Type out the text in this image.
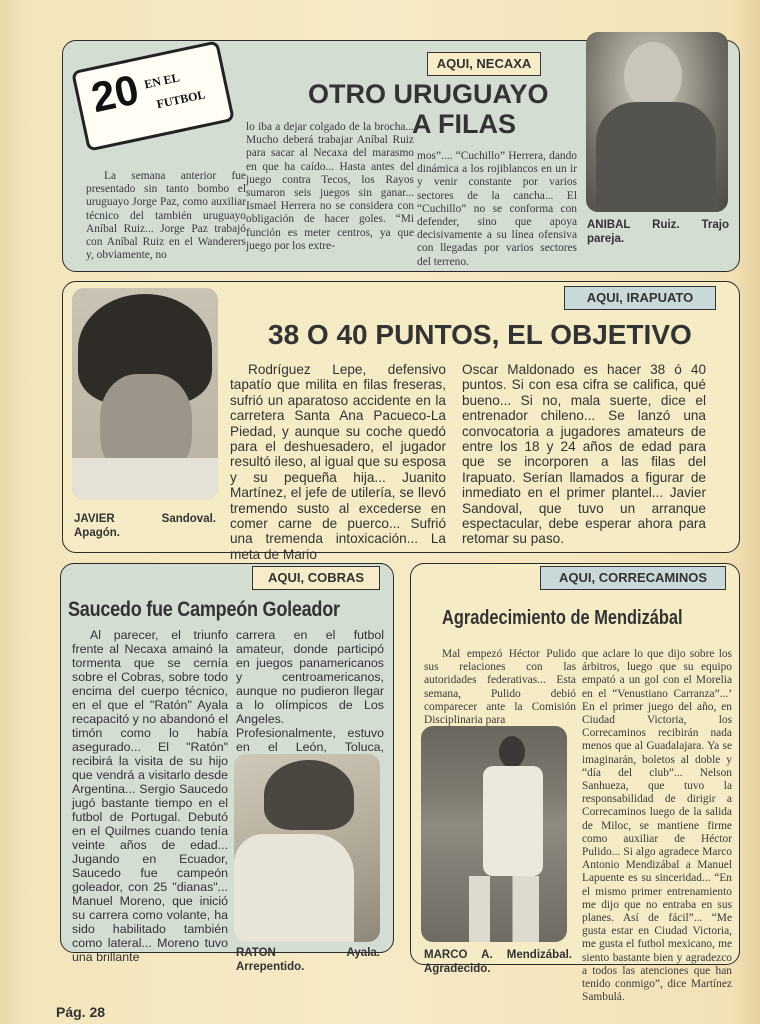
20 EN EL
FUTBOL
AQUI, NECAXA
OTRO URUGUAYO
A FILAS
La semana anterior fue presentado sin tanto bombo el uruguayo Jorge Paz, como auxiliar técnico del también uruguayo Aníbal Ruiz... Jorge Paz trabajó con Aníbal Ruiz en el Wanderers y, obviamente, no
lo iba a dejar colgado de la brocha... Mucho deberá trabajar Aníbal Ruiz para sacar al Necaxa del marasmo en que ha caído... Hasta antes del juego contra Tecos, los Rayos sumaron seis juegos sin ganar... Ismael Herrera no se considera con obligación de hacer goles. “Mi función es meter centros, ya que juego por los extre-
mos”.... “Cuchillo” Herrera, dando dinámica a los rojiblancos en un ir y venir constante por varios sectores de la cancha... El “Cuchillo” no se conforma con defender, sino que apoya decisivamente a su línea ofensiva con llegadas por varios sectores del terreno.
ANIBAL Ruiz. Trajo pareja.
JAVIER Sandoval. Apagón.
AQUI, IRAPUATO
38 O 40 PUNTOS, EL OBJETIVO
Rodríguez Lepe, defensivo tapatío que milita en filas freseras, sufrió un aparatoso accidente en la carretera Santa Ana Pacueco-La Piedad, y aunque su coche quedó para el deshuesadero, el jugador resultó ileso, al igual que su esposa y su pequeña hija... Juanito Martínez, el jefe de utilería, se llevó tremendo susto al excederse en comer carne de puerco... Sufrió una tremenda intoxicación... La meta de Mario
Oscar Maldonado es hacer 38 ó 40 puntos. Si con esa cifra se califica, qué bueno... Si no, mala suerte, dice el entrenador chileno... Se lanzó una convocatoria a jugadores amateurs de entre los 18 y 24 años de edad para que se incorporen a las filas del Irapuato. Serían llamados a figurar de inmediato en el primer plantel... Javier Sandoval, que tuvo un arranque espectacular, debe esperar ahora para retomar su paso.
AQUI, COBRAS
Saucedo fue Campeón Goleador
Al parecer, el triunfo frente al Necaxa amainó la tormenta que se cernía sobre el Cobras, sobre todo encima del cuerpo técnico, en el que el "Ratón" Ayala recapacitó y no abandonó el timón como lo había asegurado... El "Ratón" recibirá la visita de su hijo que vendrá a visitarlo desde Argentina... Sergio Saucedo jugó bastante tiempo en el futbol de Portugal. Debutó en el Quilmes cuando tenía veinte años de edad... Jugando en Ecuador, Saucedo fue campeón goleador, con 25 "dianas"... Manuel Moreno, que inició su carrera como volante, ha sido habilitado también como lateral... Moreno tuvo una brillante
carrera en el futbol amateur, donde participó en juegos panamericanos y centroamericanos, aunque no pudieron llegar a lo olímpicos de Los Angeles. Profesionalmente, estuvo en el León, Toluca,
RATON Ayala. Arrepentido.
AQUI, CORRECAMINOS
Agradecimiento de Mendizábal
Mal empezó Héctor Pulido sus relaciones con las autoridades federativas... Esta semana, Pulido debió comparecer ante la Comisión Disciplinaria para
que aclare lo que dijo sobre los árbitros, luego que su equipo empató a un gol con el Morelia en el “Venustiano Carranza”...’ En el primer juego del año, en Ciudad Victoria, los Correcaminos recibirán nada menos que al Guadalajara. Ya se imaginarán, boletos al doble y “día del club”... Nelson Sanhueza, que tuvo la responsabilidad de dirigir a Correcaminos luego de la salida de Miloc, se mantiene firme como auxiliar de Héctor Pulido... Si algo agradece Marco Antonio Mendizábal a Manuel Lapuente es su sinceridad... “En el mismo primer entrenamiento me dijo que no entraba en sus planes. Así de fácil”... “Me gusta estar en Ciudad Victoria, me gusta el futbol mexicano, me siento bastante bien y agradezco a todos las atenciones que han tenido conmigo”, dice Martínez Sambulá.
MARCO A. Mendizábal. Agradecido.
Pág. 28
